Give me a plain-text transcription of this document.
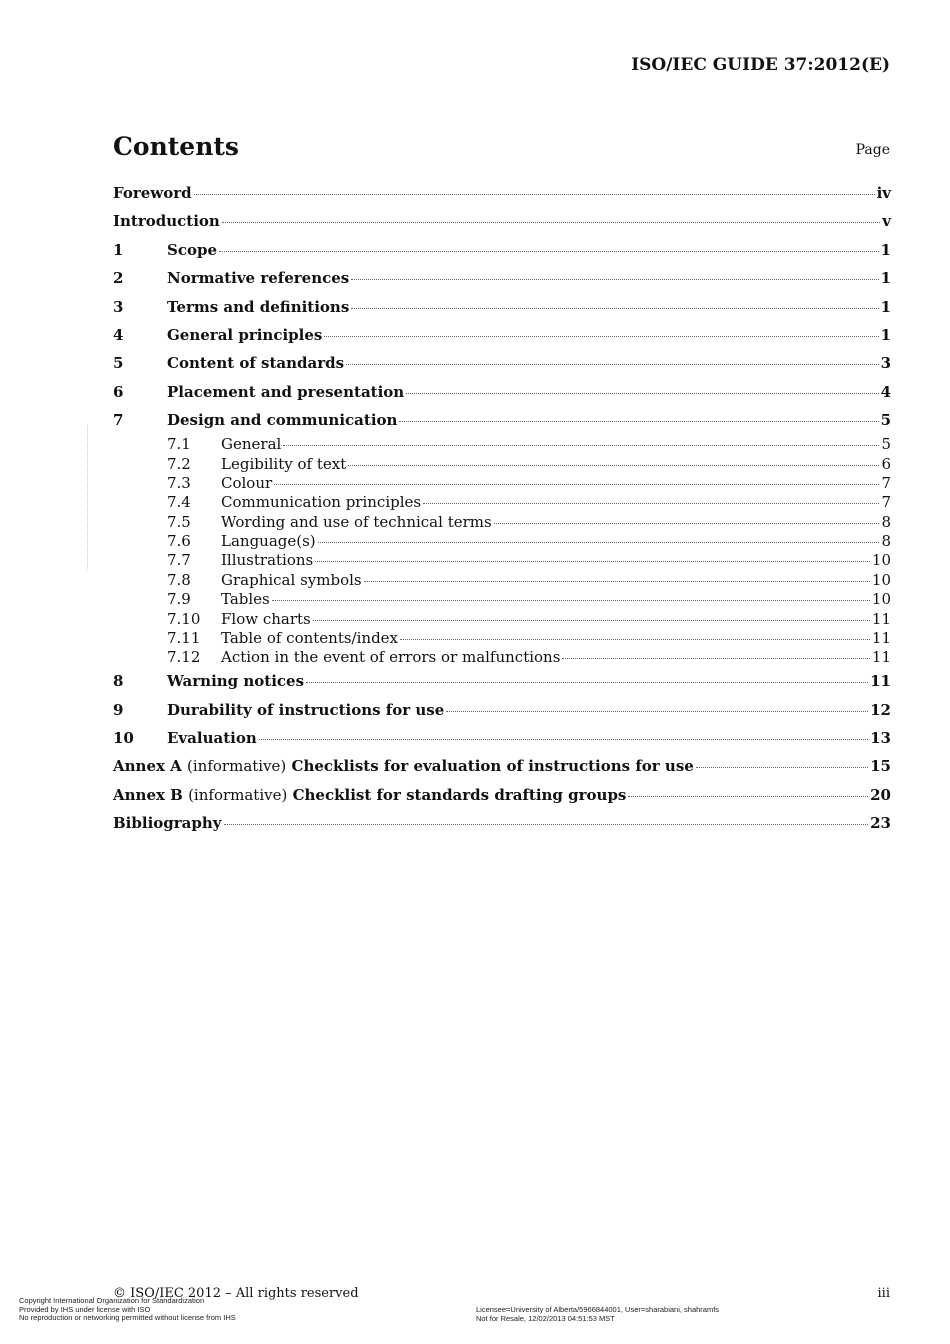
ISO/IEC GUIDE 37:2012(E)
Contents	Page
Foreword	iv
Introduction	v
1	Scope	1
2	Normative references	1
3	Terms and definitions	1
4	General principles	1
5	Content of standards	3
6	Placement and presentation	4
7	Design and communication	5
7.1	General	5
7.2	Legibility of text	6
7.3	Colour	7
7.4	Communication principles	7
7.5	Wording and use of technical terms	8
7.6	Language(s)	8
7.7	Illustrations	10
7.8	Graphical symbols	10
7.9	Tables	10
7.10	Flow charts	11
7.11	Table of contents/index	11
7.12	Action in the event of errors or malfunctions	11
8	Warning notices	11
9	Durability of instructions for use	12
10	Evaluation	13
Annex A (informative) Checklists for evaluation of instructions for use	15
Annex B (informative) Checklist for standards drafting groups	20
Bibliography	23
© ISO/IEC 2012 – All rights reserved	iii
Copyright International Organization for Standardization
Provided by IHS under license with ISO
No reproduction or networking permitted without license from IHS
Licensee=University of Alberta/5966844001, User=sharabiani, shahramfs
Not for Resale, 12/02/2013 04:51:53 MST
